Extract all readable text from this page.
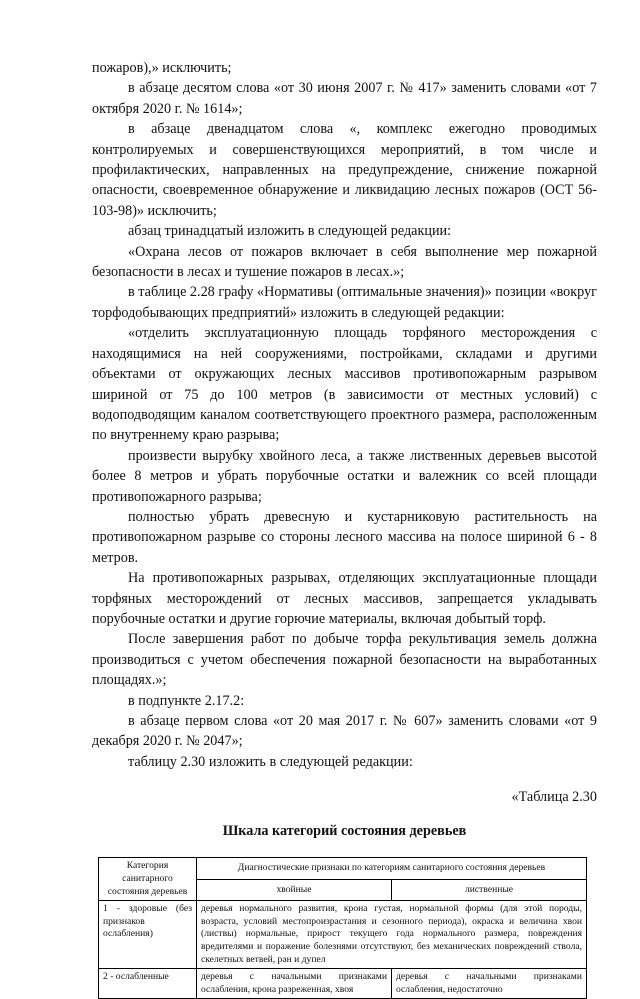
пожаров),» исключить;

в абзаце десятом слова «от 30 июня 2007 г. № 417» заменить словами «от 7 октября 2020 г. № 1614»;

в абзаце двенадцатом слова «, комплекс ежегодно проводимых контролируемых и совершенствующихся мероприятий, в том числе и профилактических, направленных на предупреждение, снижение пожарной опасности, своевременное обнаружение и ликвидацию лесных пожаров (ОСТ 56-103-98)» исключить;

абзац тринадцатый изложить в следующей редакции:

«Охрана лесов от пожаров включает в себя выполнение мер пожарной безопасности в лесах и тушение пожаров в лесах.»;

в таблице 2.28 графу «Нормативы (оптимальные значения)» позиции «вокруг торфодобывающих предприятий» изложить в следующей редакции:

«отделить эксплуатационную площадь торфяного месторождения с находящимися на ней сооружениями, постройками, складами и другими объектами от окружающих лесных массивов противопожарным разрывом шириной от 75 до 100 метров (в зависимости от местных условий) с водоподводящим каналом соответствующего проектного размера, расположенным по внутреннему краю разрыва;

произвести вырубку хвойного леса, а также лиственных деревьев высотой более 8 метров и убрать порубочные остатки и валежник со всей площади противопожарного разрыва;

полностью убрать древесную и кустарниковую растительность на противопожарном разрыве со стороны лесного массива на полосе шириной 6 - 8 метров.

На противопожарных разрывах, отделяющих эксплуатационные площади торфяных месторождений от лесных массивов, запрещается укладывать порубочные остатки и другие горючие материалы, включая добытый торф.

После завершения работ по добыче торфа рекультивация земель должна производиться с учетом обеспечения пожарной безопасности на выработанных площадях.»;

в подпункте 2.17.2:

в абзаце первом слова «от 20 мая 2017 г. № 607» заменить словами «от 9 декабря 2020 г. № 2047»;

таблицу 2.30 изложить в следующей редакции:

«Таблица 2.30

Шкала категорий состояния деревьев

Категория санитарного состояния деревьев	Диагностические признаки по категориям санитарного состояния деревьев	
	хвойные	лиственные
1 - здоровые (без признаков ослабления)	деревья нормального развития, крона густая, нормальной формы (для этой породы, возраста, условий местопроизрастания и сезонного периода), окраска и величина хвои (листвы) нормальные, прирост текущего года нормального размера, повреждения вредителями и поражение болезнями отсутствуют, без механических повреждений ствола, скелетных ветвей, ран и дупел	
2 - ослабленные	деревья с начальными признаками ослабления, крона разреженная, хвоя	деревья с начальными признаками ослабления, недостаточно
